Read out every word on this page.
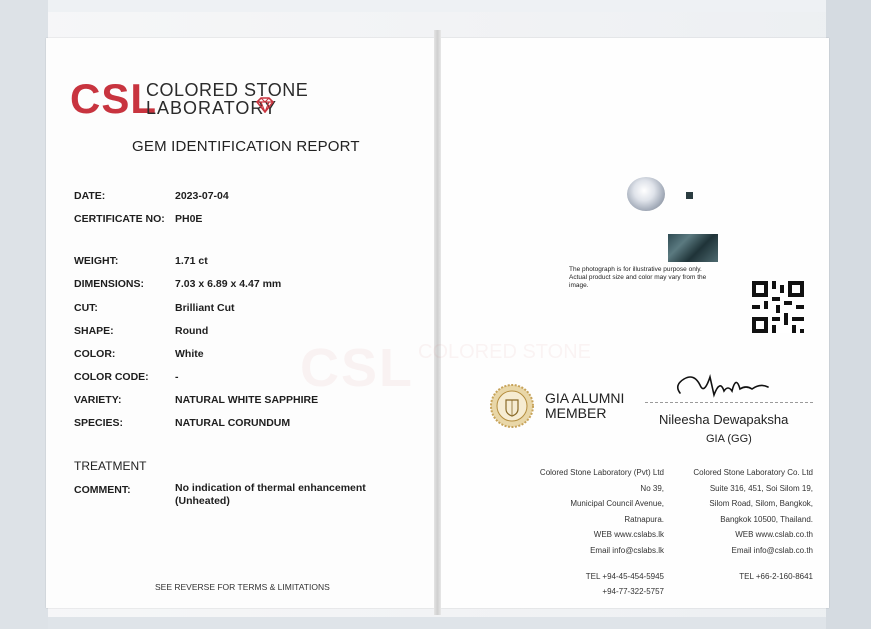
CSL
COLORED STONE
LABORATORY
GEM IDENTIFICATION REPORT
DATE:	2023-07-04
CERTIFICATE NO: PH0E
WEIGHT:	1.71 ct
DIMENSIONS:	7.03 x 6.89 x 4.47 mm
CUT:	Brilliant Cut
SHAPE:	Round
COLOR:	White
COLOR CODE:	-
VARIETY:	NATURAL WHITE SAPPHIRE
SPECIES:	NATURAL CORUNDUM
TREATMENT
COMMENT:	No indication of thermal enhancement (Unheated)
SEE REVERSE FOR TERMS & LIMITATIONS
The photograph is for illustrative purpose only. Actual product size and color may vary from the image.
CSL COLORED STONE
GIA ALUMNI
MEMBER	Nileesha Dewapaksha
GIA (GG)
Colored Stone Laboratory (Pvt) Ltd
No 39,
Municipal Council Avenue,
Ratnapura.
WEB www.cslabs.lk
Email info@cslabs.lk
TEL +94-45-454-5945
+94-77-322-5757
Colored Stone Laboratory Co. Ltd
Suite 316, 451, Soi Silom 19,
Silom Road, Silom, Bangkok,
Bangkok 10500, Thailand.
WEB www.cslab.co.th
Email info@cslab.co.th
TEL +66-2-160-8641
